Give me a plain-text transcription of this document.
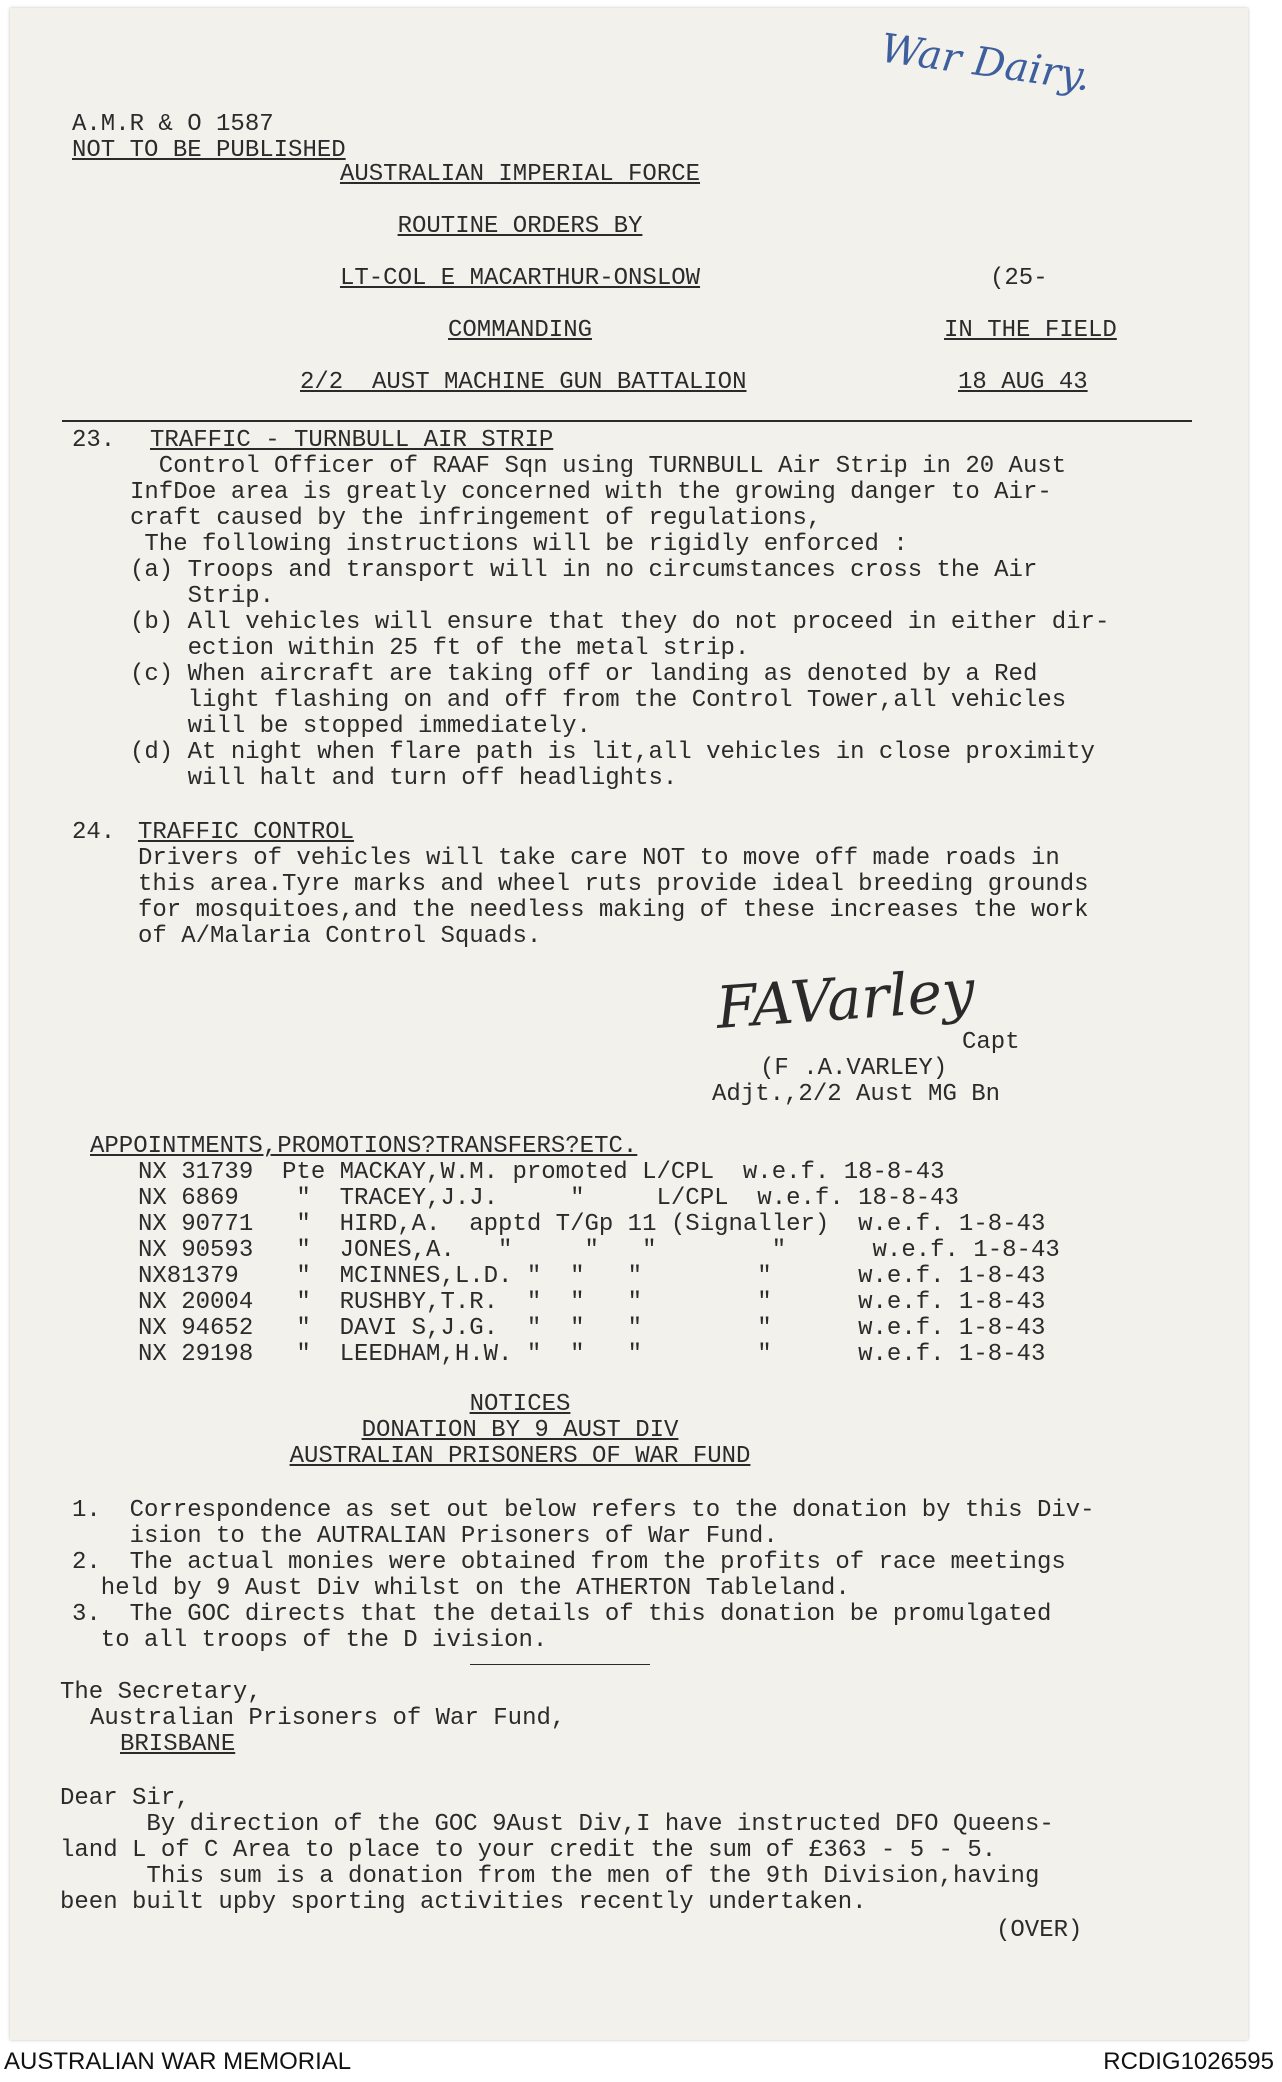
War Dairy.
A.M.R & O 1587
NOT TO BE PUBLISHED
AUSTRALIAN IMPERIAL FORCE
ROUTINE ORDERS BY
LT-COL E MACARTHUR-ONSLOW
COMMANDING
2/2  AUST MACHINE GUN BATTALION
(25-
IN THE FIELD
18 AUG 43
23. TRAFFIC - TURNBULL AIR STRIP
Control Officer of RAAF Sqn using TURNBULL Air Strip in 20 Aust
InfDoe area is greatly concerned with the growing danger to Air-
craft caused by the infringement of regulations,
The following instructions will be rigidly enforced :
(a) Troops and transport will in no circumstances cross the Air
Strip.
(b) All vehicles will ensure that they do not proceed in either dir-
ection within 25 ft of the metal strip.
(c) When aircraft are taking off or landing as denoted by a Red
light flashing on and off from the Control Tower,all vehicles
will be stopped immediately.
(d) At night when flare path is lit,all vehicles in close proximity
will halt and turn off headlights.
24. TRAFFIC CONTROL
Drivers of vehicles will take care NOT to move off made roads in
this area.Tyre marks and wheel ruts provide ideal breeding grounds
for mosquitoes,and the needless making of these increases the work
of A/Malaria Control Squads.
FAVarley
Capt
(F .A.VARLEY)
Adjt.,2/2 Aust MG Bn
APPOINTMENTS,PROMOTIONS?TRANSFERS?ETC.
NX 31739  Pte MACKAY,W.M. promoted L/CPL  w.e.f. 18-8-43
NX 6869    "  TRACEY,J.J.     "     L/CPL  w.e.f. 18-8-43
NX 90771   "  HIRD,A.  apptd T/Gp 11 (Signaller)  w.e.f. 1-8-43
NX 90593   "  JONES,A.   "     "   "        "      w.e.f. 1-8-43
NX81379    "  MCINNES,L.D. "  "   "        "      w.e.f. 1-8-43
NX 20004   "  RUSHBY,T.R.  "  "   "        "      w.e.f. 1-8-43
NX 94652   "  DAVI S,J.G.  "  "   "        "      w.e.f. 1-8-43
NX 29198   "  LEEDHAM,H.W. "  "   "        "      w.e.f. 1-8-43
NOTICES
DONATION BY 9 AUST DIV
AUSTRALIAN PRISONERS OF WAR FUND
1.  Correspondence as set out below refers to the donation by this Div-
ision to the AUTRALIAN Prisoners of War Fund.
2.  The actual monies were obtained from the profits of race meetings
held by 9 Aust Div whilst on the ATHERTON Tableland.
3.  The GOC directs that the details of this donation be promulgated
to all troops of the D ivision.
The Secretary,
Australian Prisoners of War Fund,
BRISBANE
Dear Sir,
By direction of the GOC 9Aust Div,I have instructed DFO Queens-
land L of C Area to place to your credit the sum of £363 - 5 - 5.
This sum is a donation from the men of the 9th Division,having
been built upby sporting activities recently undertaken.
(OVER)
AUSTRALIAN WAR MEMORIAL	RCDIG1026595
